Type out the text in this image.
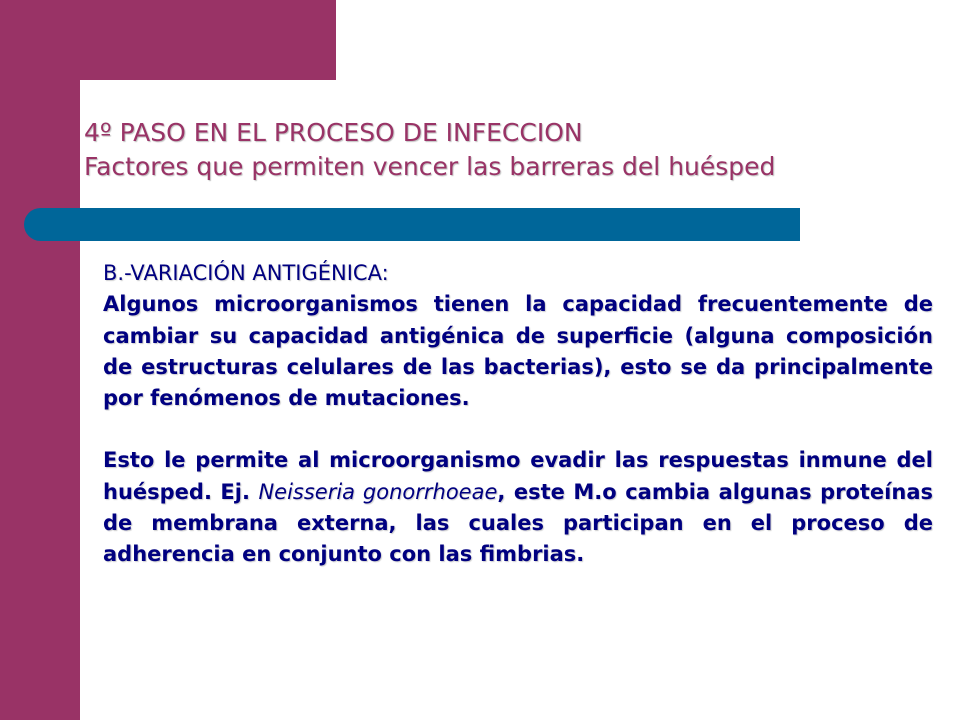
4º PASO EN EL PROCESO DE INFECCION
Factores que permiten vencer las barreras del huésped
B.-VARIACIÓN ANTIGÉNICA:
Algunos microorganismos tienen la capacidad frecuentemente de cambiar su capacidad antigénica de superficie (alguna composición de estructuras celulares de las bacterias), esto se da principalmente por fenómenos de mutaciones.
Esto le permite al microorganismo evadir las respuestas inmune del huésped. Ej. Neisseria gonorrhoeae, este M.o cambia algunas proteínas de membrana externa, las cuales participan en el proceso de adherencia en conjunto con las fimbrias.
